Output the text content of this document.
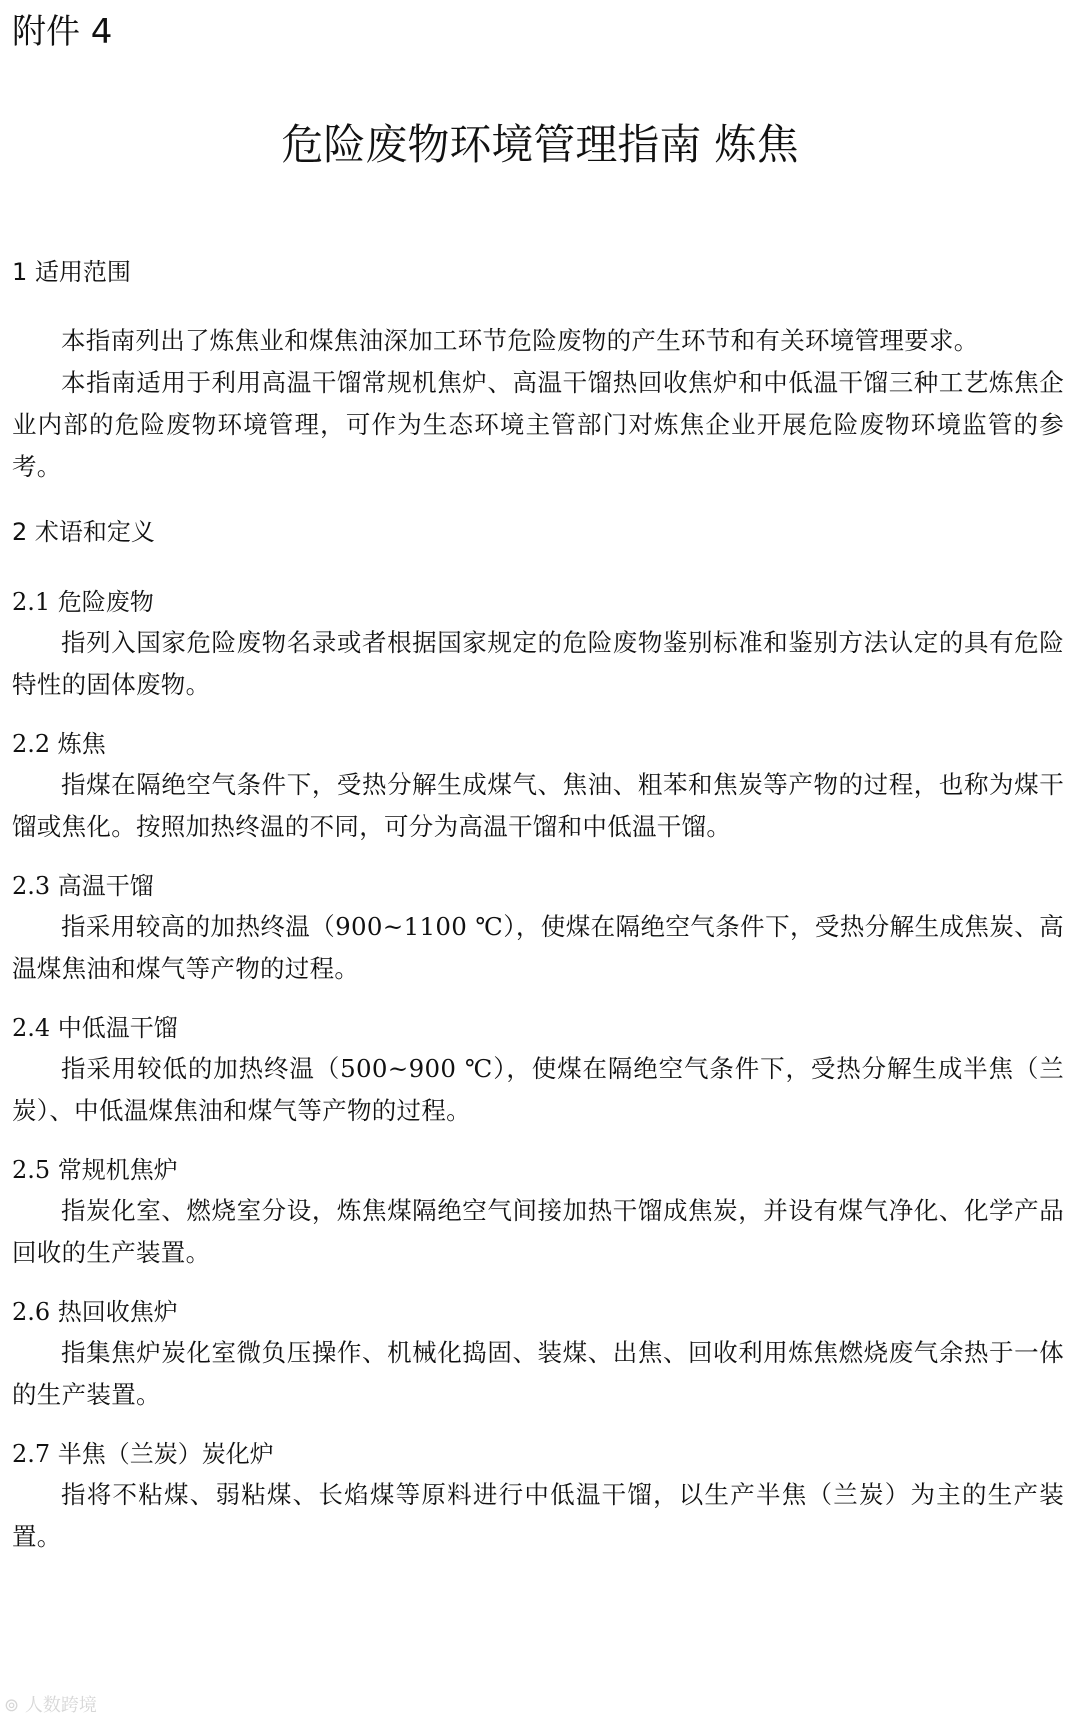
附件 4
危险废物环境管理指南 炼焦
1 适用范围

本指南列出了炼焦业和煤焦油深加工环节危险废物的产生环节和有关环境管理要求。

本指南适用于利用高温干馏常规机焦炉、高温干馏热回收焦炉和中低温干馏三种工艺炼焦企业内部的危险废物环境管理，可作为生态环境主管部门对炼焦企业开展危险废物环境监管的参考。

2 术语和定义
2.1 危险废物

指列入国家危险废物名录或者根据国家规定的危险废物鉴别标准和鉴别方法认定的具有危险特性的固体废物。

2.2 炼焦

指煤在隔绝空气条件下，受热分解生成煤气、焦油、粗苯和焦炭等产物的过程，也称为煤干馏或焦化。按照加热终温的不同，可分为高温干馏和中低温干馏。

2.3 高温干馏

指采用较高的加热终温（900~1100 ℃），使煤在隔绝空气条件下，受热分解生成焦炭、高温煤焦油和煤气等产物的过程。

2.4 中低温干馏

指采用较低的加热终温（500~900 ℃），使煤在隔绝空气条件下，受热分解生成半焦（兰炭）、中低温煤焦油和煤气等产物的过程。

2.5 常规机焦炉

指炭化室、燃烧室分设，炼焦煤隔绝空气间接加热干馏成焦炭，并设有煤气净化、化学产品回收的生产装置。

2.6 热回收焦炉

指集焦炉炭化室微负压操作、机械化捣固、装煤、出焦、回收利用炼焦燃烧废气余热于一体的生产装置。

2.7 半焦（兰炭）炭化炉

指将不粘煤、弱粘煤、长焰煤等原料进行中低温干馏，以生产半焦（兰炭）为主的生产装置。

⊚ 人数跨境
